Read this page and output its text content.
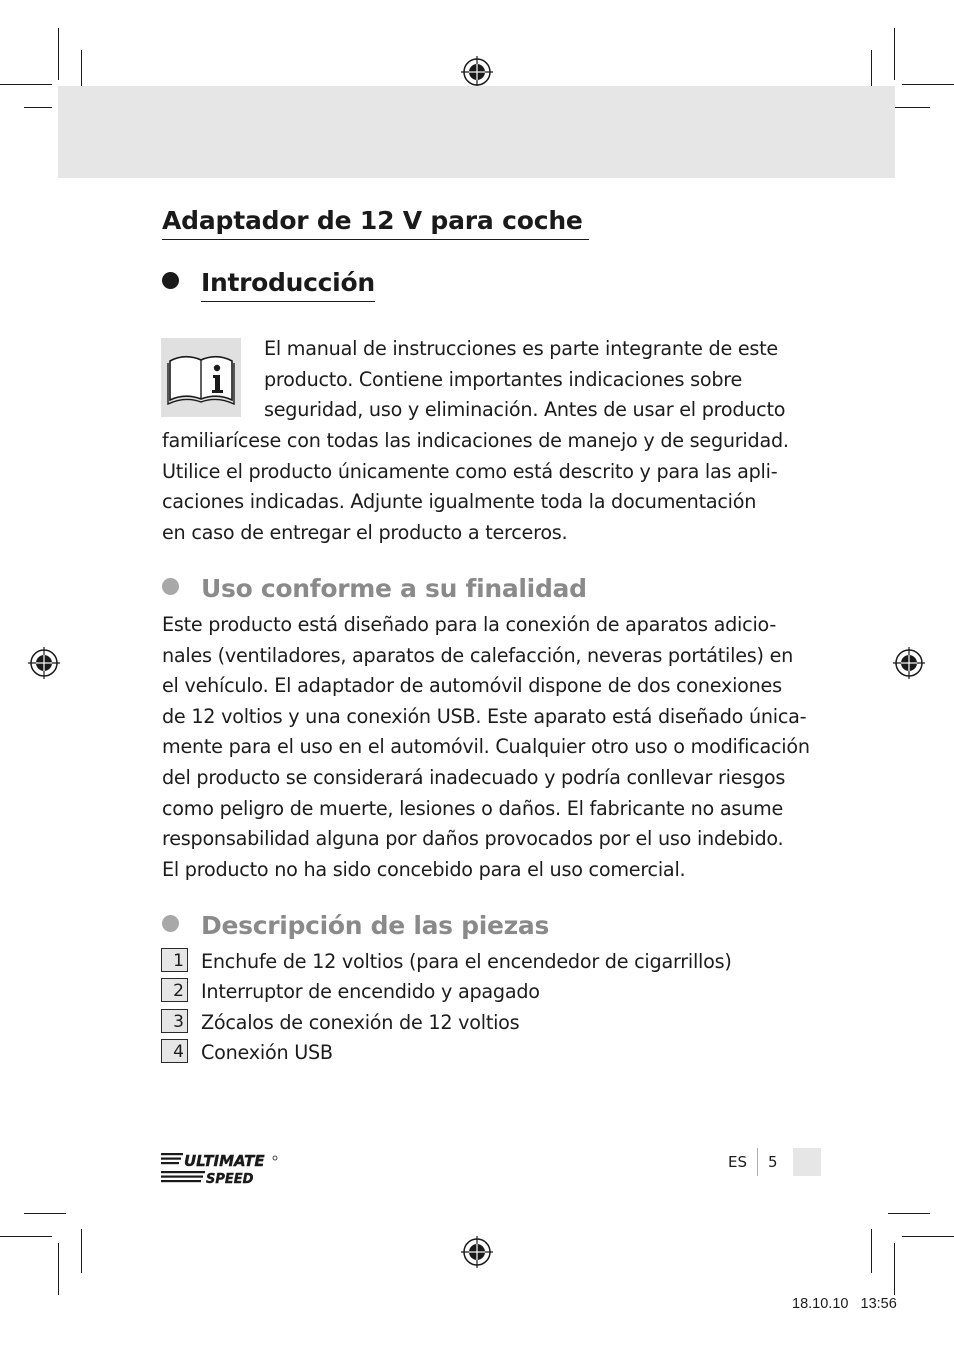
Adaptador de 12 V para coche
Introducción
El manual de instrucciones es parte integrante de este
producto. Contiene importantes indicaciones sobre
seguridad, uso y eliminación. Antes de usar el producto
familiarícese con todas las indicaciones de manejo y de seguridad.
Utilice el producto únicamente como está descrito y para las apli-
caciones indicadas. Adjunte igualmente toda la documentación
en caso de entregar el producto a terceros.
Uso conforme a su finalidad
Este producto está diseñado para la conexión de aparatos adicio-
nales (ventiladores, aparatos de calefacción, neveras portátiles) en
el vehículo. El adaptador de automóvil dispone de dos conexiones
de 12 voltios y una conexión USB. Este aparato está diseñado única-
mente para el uso en el automóvil. Cualquier otro uso o modificación
del producto se considerará inadecuado y podría conllevar riesgos
como peligro de muerte, lesiones o daños. El fabricante no asume
responsabilidad alguna por daños provocados por el uso indebido.
El producto no ha sido concebido para el uso comercial.
Descripción de las piezas
1 Enchufe de 12 voltios (para el encendedor de cigarrillos)
2 Interruptor de encendido y apagado
3 Zócalos de conexión de 12 voltios
4 Conexión USB
ULTIMATE
SPEED
ES 5
18.10.10   13:56
